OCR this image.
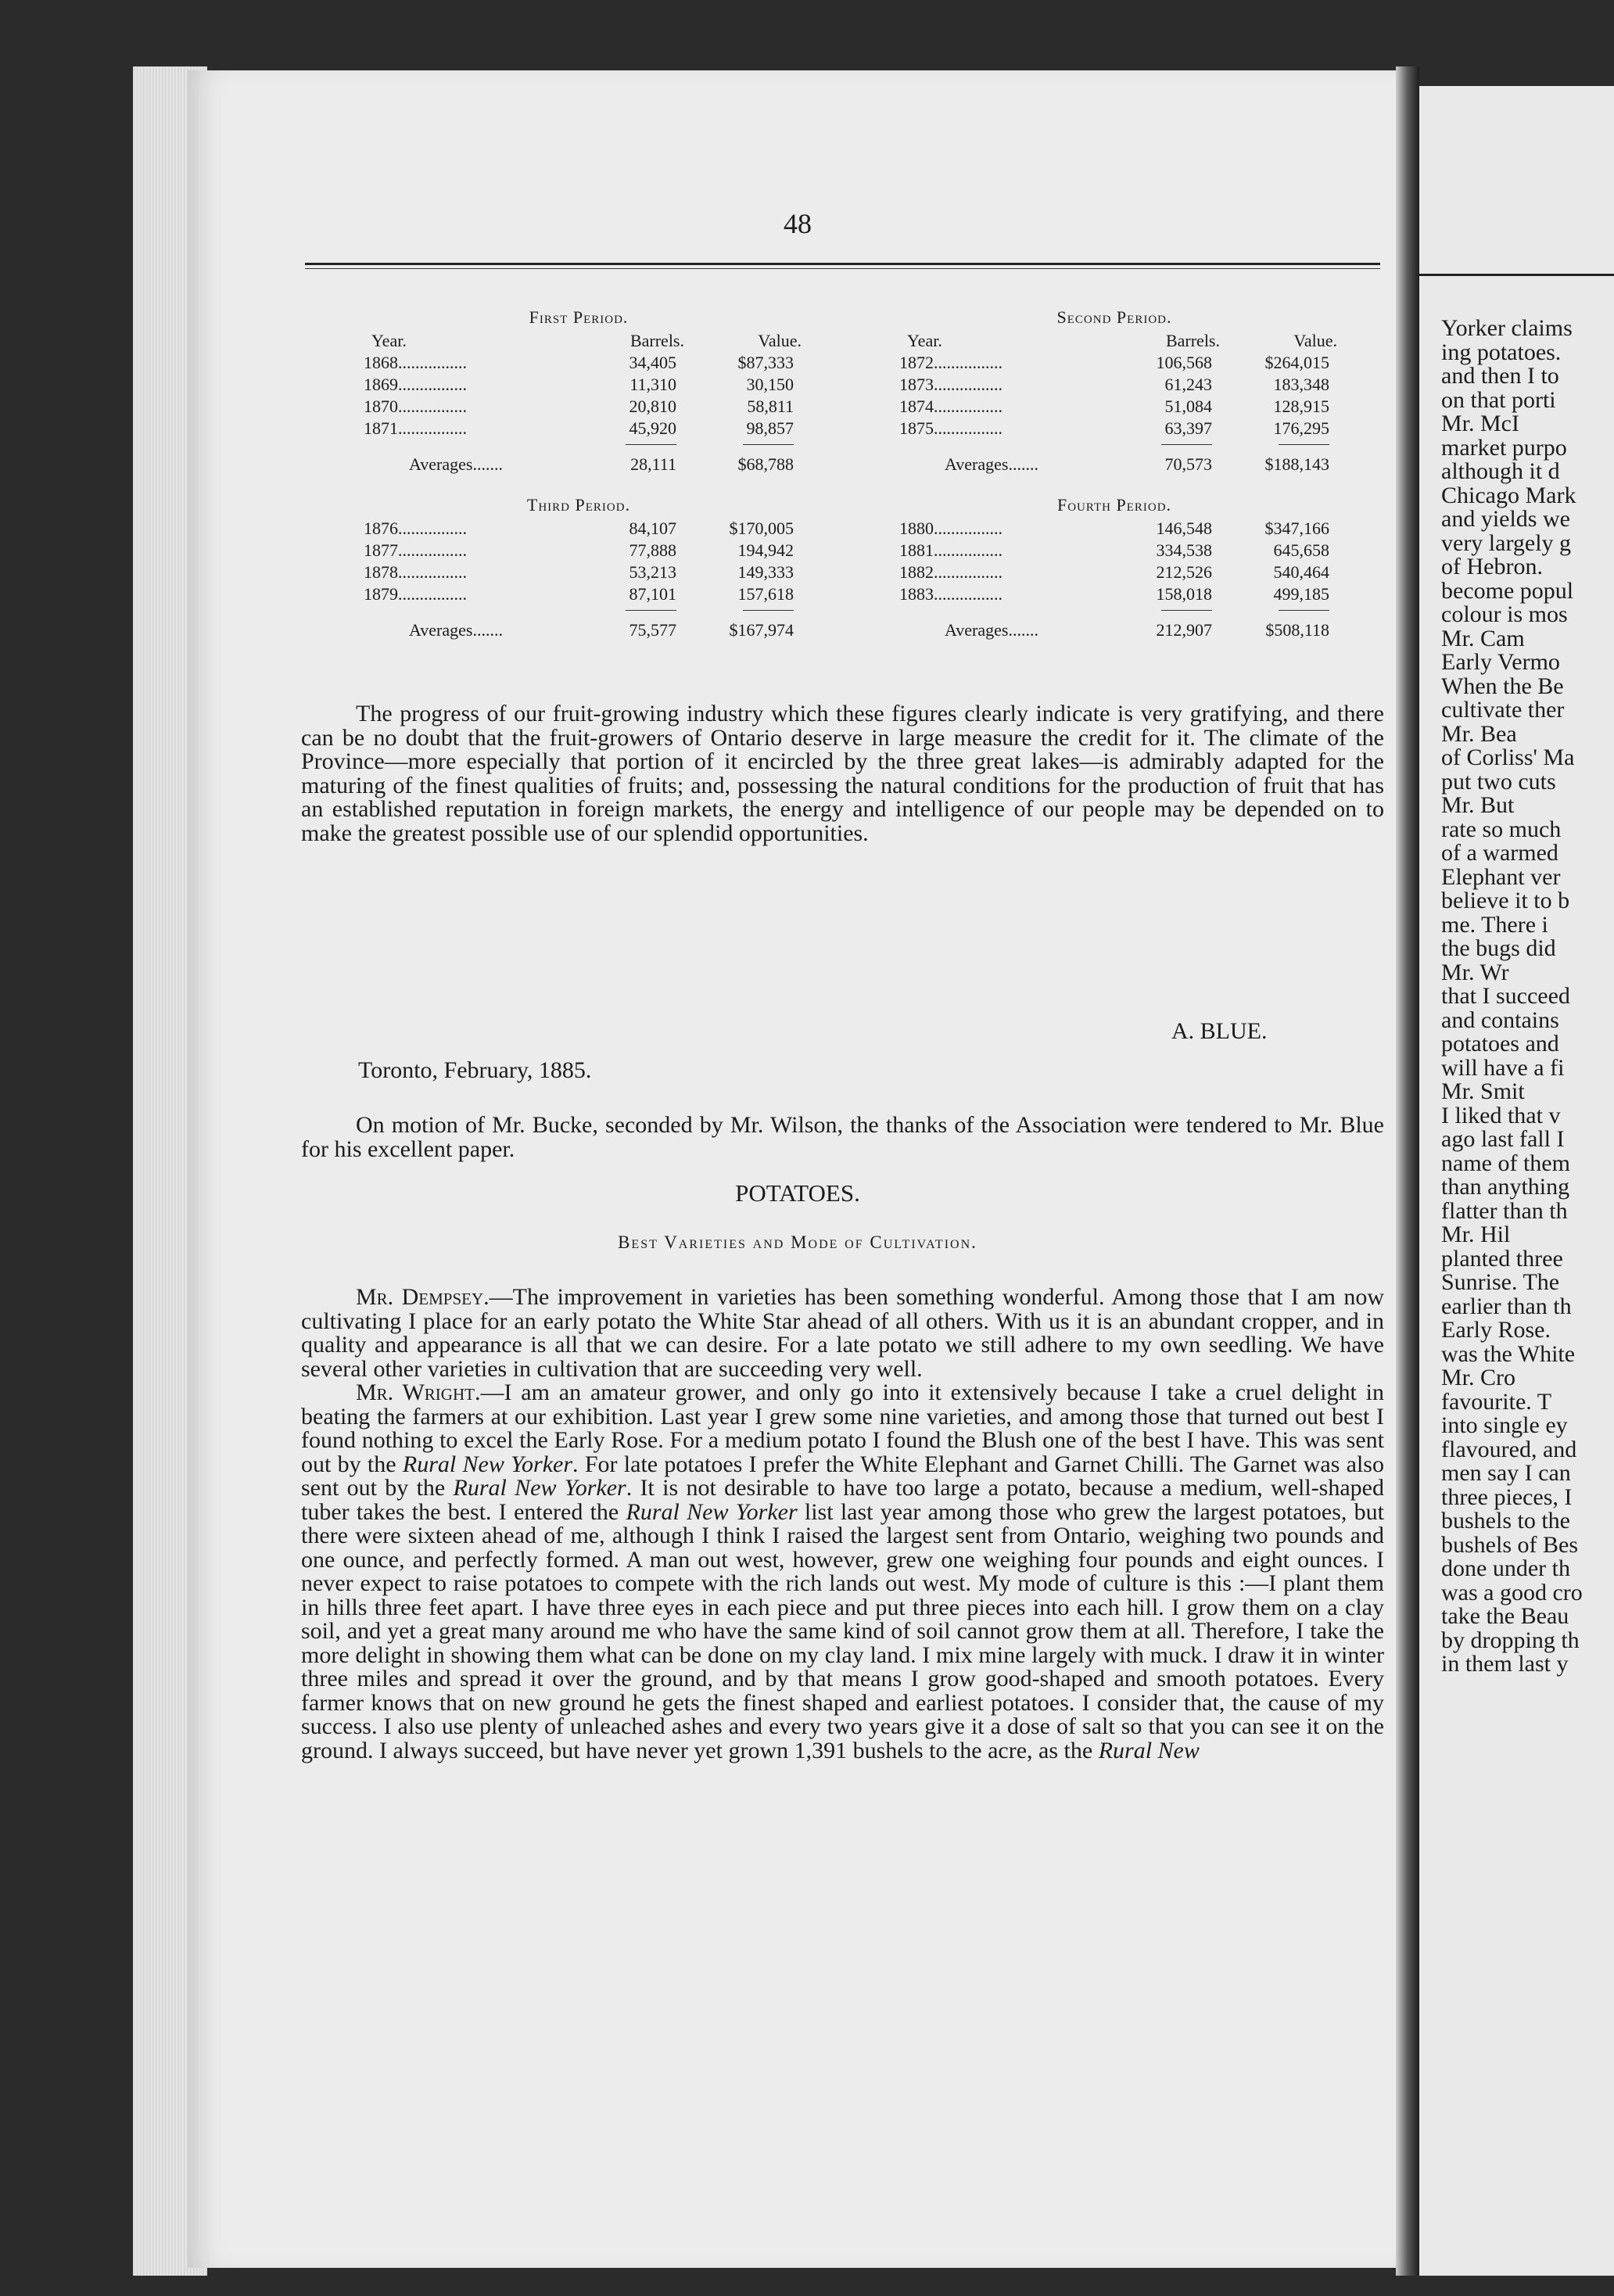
48
First Period.
Year.	Barrels.	Value.
1868................	34,405	$87,333
1869................	11,310	30,150
1870................	20,810	58,811
1871................	45,920	98,857
Averages.......	28,111	$68,788
Second Period.
Year.	Barrels.	Value.
1872................	106,568	$264,015
1873................	61,243	183,348
1874................	51,084	128,915
1875................	63,397	176,295
Averages.......	70,573	$188,143
Third Period.
1876................	84,107	$170,005
1877................	77,888	194,942
1878................	53,213	149,333
1879................	87,101	157,618
Averages.......	75,577	$167,974
Fourth Period.
1880................	146,548	$347,166
1881................	334,538	645,658
1882................	212,526	540,464
1883................	158,018	499,185
Averages.......	212,907	$508,118

The progress of our fruit-growing industry which these figures clearly indicate is very gratifying, and there can be no doubt that the fruit-growers of Ontario deserve in large measure the credit for it. The climate of the Province—more especially that portion of it encircled by the three great lakes—is admirably adapted for the maturing of the finest qualities of fruits; and, possessing the natural conditions for the production of fruit that has an established reputation in foreign markets, the energy and intelligence of our people may be depended on to make the greatest possible use of our splendid opportunities.

A. BLUE.
Toronto, February, 1885.

On motion of Mr. Bucke, seconded by Mr. Wilson, the thanks of the Association were tendered to Mr. Blue for his excellent paper.

POTATOES.
Best Varieties and Mode of Cultivation.

Mr. Dempsey.—The improvement in varieties has been something wonderful. Among those that I am now cultivating I place for an early potato the White Star ahead of all others. With us it is an abundant cropper, and in quality and appearance is all that we can desire. For a late potato we still adhere to my own seedling. We have several other varieties in cultivation that are succeeding very well.

Mr. Wright.—I am an amateur grower, and only go into it extensively because I take a cruel delight in beating the farmers at our exhibition. Last year I grew some nine varieties, and among those that turned out best I found nothing to excel the Early Rose. For a medium potato I found the Blush one of the best I have. This was sent out by the Rural New Yorker. For late potatoes I prefer the White Elephant and Garnet Chilli. The Garnet was also sent out by the Rural New Yorker. It is not desirable to have too large a potato, because a medium, well-shaped tuber takes the best. I entered the Rural New Yorker list last year among those who grew the largest potatoes, but there were sixteen ahead of me, although I think I raised the largest sent from Ontario, weighing two pounds and one ounce, and perfectly formed. A man out west, however, grew one weighing four pounds and eight ounces. I never expect to raise potatoes to compete with the rich lands out west. My mode of culture is this :—I plant them in hills three feet apart. I have three eyes in each piece and put three pieces into each hill. I grow them on a clay soil, and yet a great many around me who have the same kind of soil cannot grow them at all. Therefore, I take the more delight in showing them what can be done on my clay land. I mix mine largely with muck. I draw it in winter three miles and spread it over the ground, and by that means I grow good-shaped and smooth potatoes. Every farmer knows that on new ground he gets the finest shaped and earliest potatoes. I consider that, the cause of my success. I also use plenty of unleached ashes and every two years give it a dose of salt so that you can see it on the ground. I always succeed, but have never yet grown 1,391 bushels to the acre, as the Rural New

Yorker claims
ing potatoes.
and then I to
on that porti
Mr. McI
market purpo
although it d
Chicago Mark
and yields we
very largely g
of Hebron.
become popul
colour is mos
Mr. Cam
Early Vermo
When the Be
cultivate ther
Mr. Bea
of Corliss' Ma
put two cuts
Mr. But
rate so much
of a warmed
Elephant ver
believe it to b
me. There i
the bugs did
Mr. Wr
that I succeed
and contains
potatoes and
will have a fi
Mr. Smit
I liked that v
ago last fall I
name of them
than anything
flatter than th
Mr. Hil
planted three
Sunrise. The
earlier than th
Early Rose.
was the White
Mr. Cro
favourite. T
into single ey
flavoured, and
men say I can
three pieces, I
bushels to the
bushels of Bes
done under th
was a good cro
take the Beau
by dropping th
in them last y
